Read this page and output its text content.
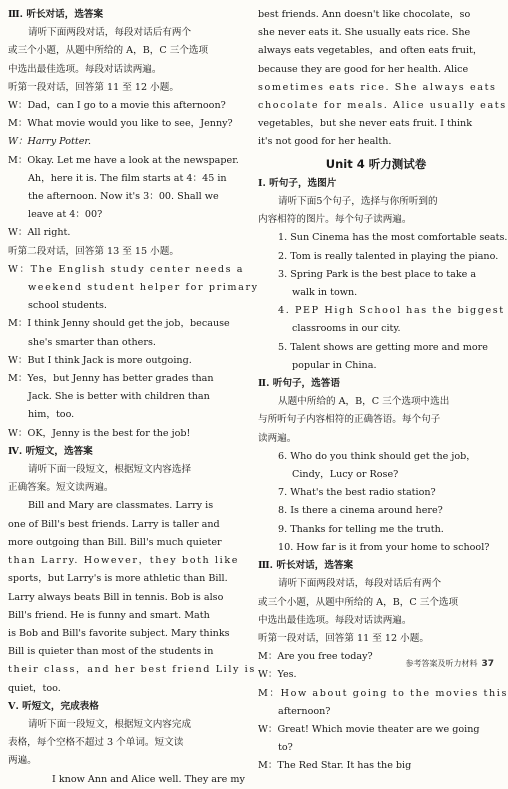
Ⅲ. 听长对话，选答案
请听下面两段对话，每段对话后有两个
或三个小题，从题中所给的 A，B，C 三个选项
中选出最佳选项。每段对话读两遍。
听第一段对话，回答第 11 至 12 小题。
W：Dad，can I go to a movie this afternoon?
M：What movie would you like to see，Jenny?
W：Harry Potter.
M：Okay. Let me have a look at the newspaper.
Ah，here it is. The film starts at 4：45 in
the afternoon. Now it's 3：00. Shall we
leave at 4：00?
W：All right.
听第二段对话，回答第 13 至 15 小题。
W：The English study center needs a
weekend student helper for primary
school students.
M：I think Jenny should get the job，because
she's smarter than others.
W：But I think Jack is more outgoing.
M：Yes，but Jenny has better grades than
Jack. She is better with children than
him，too.
W：OK，Jenny is the best for the job!
Ⅳ. 听短文，选答案
请听下面一段短文，根据短文内容选择
正确答案。短文读两遍。
Bill and Mary are classmates. Larry is
one of Bill's best friends. Larry is taller and
more outgoing than Bill. Bill's much quieter
than Larry. However，they both like
sports，but Larry's is more athletic than Bill.
Larry always beats Bill in tennis. Bob is also
Bill's friend. He is funny and smart. Math
is Bob and Bill's favorite subject. Mary thinks
Bill is quieter than most of the students in
their class，and her best friend Lily is
quiet，too.
Ⅴ. 听短文，完成表格
请听下面一段短文，根据短文内容完成
表格，每个空格不超过 3 个单词。短文读
两遍。
I know Ann and Alice well. They are my
best friends. Ann doesn't like chocolate，so
she never eats it. She usually eats rice. She
always eats vegetables，and often eats fruit，
because they are good for her health. Alice
sometimes eats rice. She always eats
chocolate for meals. Alice usually eats
vegetables，but she never eats fruit. I think
it's not good for her health.
Unit 4 听力测试卷
Ⅰ. 听句子，选图片
请听下面5个句子，选择与你所听到的
内容相符的图片。每个句子读两遍。
1. Sun Cinema has the most comfortable seats.
2. Tom is really talented in playing the piano.
3. Spring Park is the best place to take a
walk in town.
4. PEP High School has the biggest
classrooms in our city.
5. Talent shows are getting more and more
popular in China.
Ⅱ. 听句子，选答语
从题中所给的 A，B，C 三个选项中选出
与所听句子内容相符的正确答语。每个句子
读两遍。
6. Who do you think should get the job，
Cindy，Lucy or Rose?
7. What's the best radio station?
8. Is there a cinema around here?
9. Thanks for telling me the truth.
10. How far is it from your home to school?
Ⅲ. 听长对话，选答案
请听下面两段对话，每段对话后有两个
或三个小题，从题中所给的 A，B，C 三个选项
中选出最佳选项。每段对话读两遍。
听第一段对话，回答第 11 至 12 小题。
M：Are you free today?
W：Yes.
M：How about going to the movies this
afternoon?
W：Great! Which movie theater are we going
to?
M：The Red Star. It has the big
参考答案及听力材料 37
